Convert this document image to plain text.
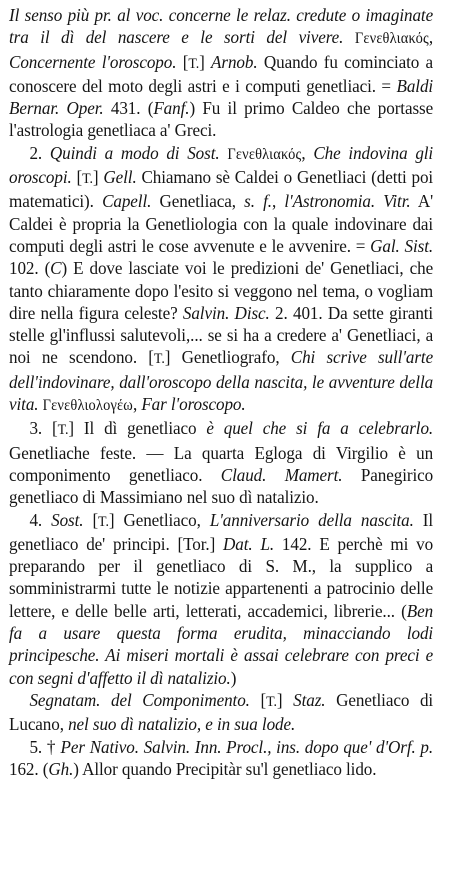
Il senso più pr. al voc. concerne le relaz. credute o imaginate tra il dì del nascere e le sorti del vivere. Γενεθλιακός, Concernente l'oroscopo. [T.] Arnob. Quando fu cominciato a conoscere del moto degli astri e i computi genetliaci. = Baldi Bernar. Oper. 431. (Fanf.) Fu il primo Caldeo che portasse l'astrologia genetliaca a' Greci.

2. Quindi a modo di Sost. Γενεθλιακός, Che indovina gli oroscopi. [T.] Gell. Chiamano sè Caldei o Genetliaci (detti poi matematici). Capell. Genetliaca, s. f., l'Astronomia. Vitr. A' Caldei è propria la Genetliologia con la quale indovinare dai computi degli astri le cose avvenute e le avvenire. = Gal. Sist. 102. (C) E dove lasciate voi le predizioni de' Genetliaci, che tanto chiaramente dopo l'esito si veggono nel tema, o vogliam dire nella figura celeste? Salvin. Disc. 2. 401. Da sette giranti stelle gl'influssi salutevoli,... se si ha a credere a' Genetliaci, a noi ne scendono. [T.] Genetliografo, Chi scrive sull'arte dell'indovinare, dall'oroscopo della nascita, le avventure della vita. Γενεθλιολογέω, Far l'oroscopo.

3. [T.] Il dì genetliaco è quel che si fa a celebrarlo. Genetliache feste. — La quarta Egloga di Virgilio è un componimento genetliaco. Claud. Mamert. Panegirico genetliaco di Massimiano nel suo dì natalizio.

4. Sost. [T.] Genetliaco, L'anniversario della nascita. Il genetliaco de' principi. [Tor.] Dat. L. 142. E perchè mi vo preparando per il genetliaco di S. M., la supplico a somministrarmi tutte le notizie appartenenti a patrocinio delle lettere, e delle belle arti, letterati, accademici, librerie... (Ben fa a usare questa forma erudita, minacciando lodi principesche. Ai miseri mortali è assai celebrare con preci e con segni d'affetto il dì natalizio.)

Segnatam. del Componimento. [T.] Staz. Genetliaco di Lucano, nel suo dì natalizio, e in sua lode.

5. † Per Nativo. Salvin. Inn. Procl., ins. dopo que' d'Orf. p. 162. (Gh.) Allor quando Precipitàr su'l genetliaco lido.
